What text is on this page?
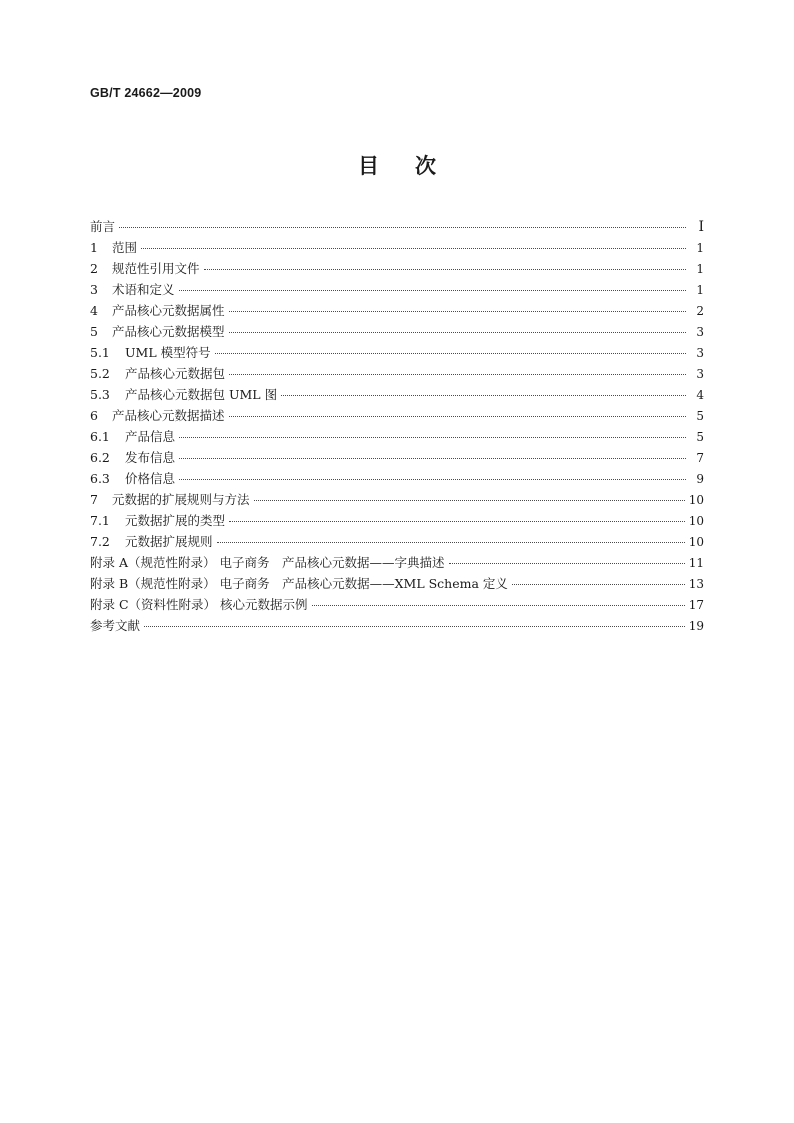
GB/T 24662—2009
目次
前言	I
1	范围	1
2	规范性引用文件	1
3	术语和定义	1
4	产品核心元数据属性	2
5	产品核心元数据模型	3
5.1	UML 模型符号	3
5.2	产品核心元数据包	3
5.3	产品核心元数据包 UML 图	4
6	产品核心元数据描述	5
6.1	产品信息	5
6.2	发布信息	7
6.3	价格信息	9
7	元数据的扩展规则与方法	10
7.1	元数据扩展的类型	10
7.2	元数据扩展规则	10
附录 A （规范性附录） 电子商务　产品核心元数据——字典描述	11
附录 B （规范性附录） 电子商务　产品核心元数据——XML Schema 定义	13
附录 C （资料性附录） 核心元数据示例	17
参考文献	19
